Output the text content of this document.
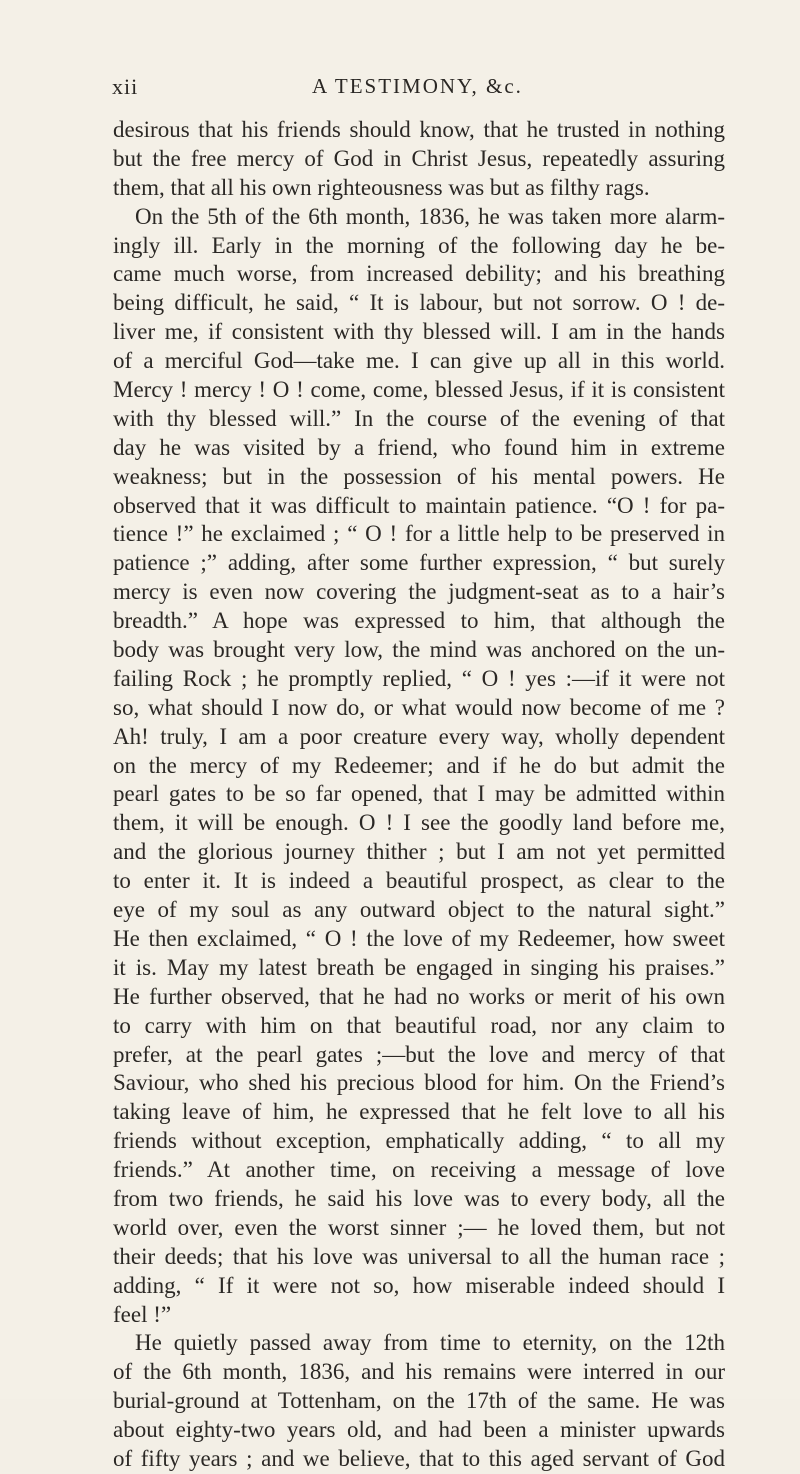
xii	A TESTIMONY, &c.
desirous that his friends should know, that he trusted in nothing
but the free mercy of God in Christ Jesus, repeatedly assuring
them, that all his own righteousness was but as filthy rags.
On the 5th of the 6th month, 1836, he was taken more alarm-
ingly ill. Early in the morning of the following day he be-
came much worse, from increased debility; and his breathing
being difficult, he said, “ It is labour, but not sorrow. O ! de-
liver me, if consistent with thy blessed will. I am in the hands
of a merciful God—take me. I can give up all in this world.
Mercy ! mercy ! O ! come, come, blessed Jesus, if it is consistent
with thy blessed will.” In the course of the evening of that
day he was visited by a friend, who found him in extreme
weakness; but in the possession of his mental powers. He
observed that it was difficult to maintain patience. “O ! for pa-
tience !” he exclaimed ; “ O ! for a little help to be preserved in
patience ;” adding, after some further expression, “ but surely
mercy is even now covering the judgment-seat as to a hair’s
breadth.” A hope was expressed to him, that although the
body was brought very low, the mind was anchored on the un-
failing Rock ; he promptly replied, “ O ! yes :—if it were not
so, what should I now do, or what would now become of me ?
Ah! truly, I am a poor creature every way, wholly dependent
on the mercy of my Redeemer; and if he do but admit the
pearl gates to be so far opened, that I may be admitted within
them, it will be enough. O ! I see the goodly land before me,
and the glorious journey thither ; but I am not yet permitted
to enter it. It is indeed a beautiful prospect, as clear to the
eye of my soul as any outward object to the natural sight.”
He then exclaimed, “ O ! the love of my Redeemer, how sweet
it is. May my latest breath be engaged in singing his praises.”
He further observed, that he had no works or merit of his own
to carry with him on that beautiful road, nor any claim to
prefer, at the pearl gates ;—but the love and mercy of that
Saviour, who shed his precious blood for him. On the Friend’s
taking leave of him, he expressed that he felt love to all his
friends without exception, emphatically adding, “ to all my
friends.” At another time, on receiving a message of love
from two friends, he said his love was to every body, all the
world over, even the worst sinner ;— he loved them, but not
their deeds; that his love was universal to all the human race ;
adding, “ If it were not so, how miserable indeed should I
feel !”
He quietly passed away from time to eternity, on the 12th
of the 6th month, 1836, and his remains were interred in our
burial-ground at Tottenham, on the 17th of the same. He was
about eighty-two years old, and had been a minister upwards
of fifty years ; and we believe, that to this aged servant of God
